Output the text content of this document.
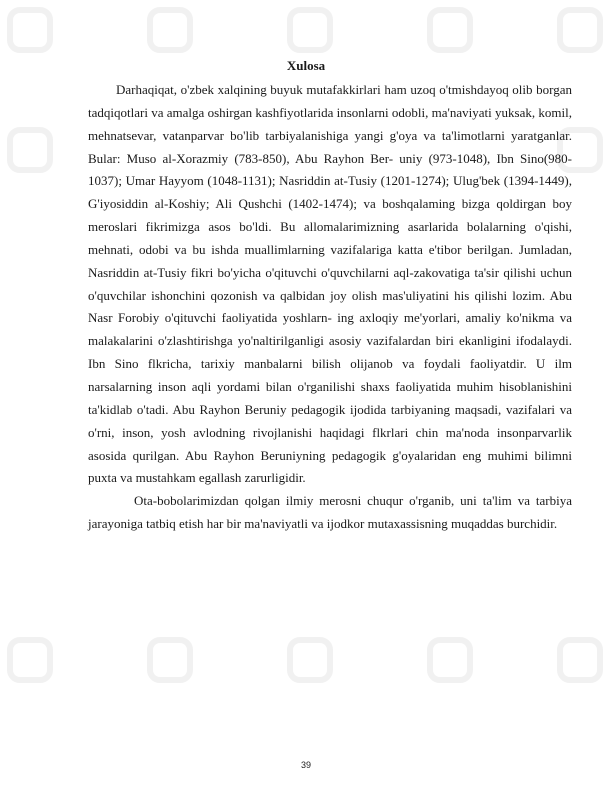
Xulosa

Darhaqiqat, o'zbek xalqining buyuk mutafakkirlari ham uzoq o'tmishdayoq olib borgan tadqiqotlari va amalga oshirgan kashfiyotlarida insonlarni odobli, ma'naviyati yuksak, komil, mehnatsevar, vatanparvar bo'lib tarbiyalanishiga yangi g'oya va ta'limotlarni yaratganlar. Bular: Muso al-Xorazmiy (783-850), Abu Rayhon Ber- uniy (973-1048), Ibn Sino(980-1037); Umar Hayyom (1048-1131); Nasriddin at-Tusiy (1201-1274); Ulug'bek (1394-1449), G'iyosiddin al-Koshiy; Ali Qushchi (1402-1474); va boshqalaming bizga qoldirgan boy meroslari fikrimizga asos bo'ldi. Bu allomalarimizning asarlarida bolalarning o'qishi, mehnati, odobi va bu ishda muallimlarning vazifalariga katta e'tibor berilgan. Jumladan, Nasriddin at-Tusiy fikri bo'yicha o'qituvchi o'quvchilarni aql-zakovatiga ta'sir qilishi uchun o'quvchilar ishonchini qozonish va qalbidan joy olish mas'uliyatini his qilishi lozim. Abu Nasr Forobiy o'qituvchi faoliyatida yoshlarn- ing axloqiy me'yorlari, amaliy ko'nikma va malakalarini o'zlashtirishga yo'naltirilganligi asosiy vazifalardan biri ekanligini ifodalaydi. Ibn Sino flkricha, tarixiy manbalarni bilish olijanob va foydali faoliyatdir. U ilm narsalarning inson aqli yordami bilan o'rganilishi shaxs faoliyatida muhim hisoblanishini ta'kidlab o'tadi. Abu Rayhon Beruniy pedagogik ijodida tarbiyaning maqsadi, vazifalari va o'rni, inson, yosh avlodning rivojlanishi haqidagi flkrlari chin ma'noda insonparvarlik asosida qurilgan. Abu Rayhon Beruniyning pedagogik g'oyalaridan eng muhimi bilimni puxta va mustahkam egallash zarurligidir.

Ota-bobolarimizdan qolgan ilmiy merosni chuqur o'rganib, uni ta'lim va tarbiya jarayoniga tatbiq etish har bir ma'naviyatli va ijodkor mutaxassisning muqaddas burchidir.

39
